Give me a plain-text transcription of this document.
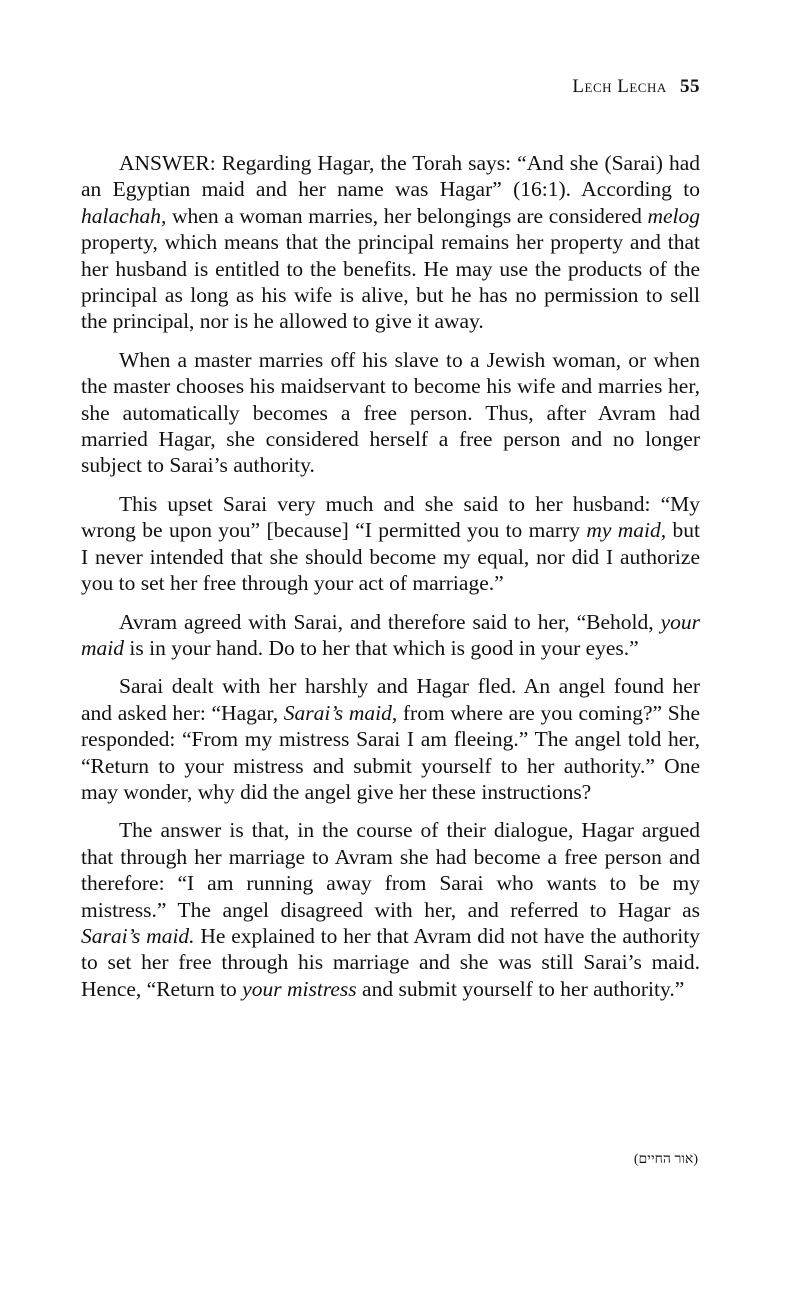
Lech Lecha 55

ANSWER: Regarding Hagar, the Torah says: “And she (Sarai) had an Egyptian maid and her name was Hagar” (16:1). According to halachah, when a woman marries, her belongings are considered melog property, which means that the principal remains her property and that her husband is entitled to the benefits. He may use the products of the principal as long as his wife is alive, but he has no permission to sell the principal, nor is he allowed to give it away.

When a master marries off his slave to a Jewish woman, or when the master chooses his maidservant to become his wife and marries her, she automatically becomes a free person. Thus, after Avram had married Hagar, she considered herself a free person and no longer subject to Sarai’s authority.

This upset Sarai very much and she said to her husband: “My wrong be upon you” [because] “I permitted you to marry my maid, but I never intended that she should become my equal, nor did I authorize you to set her free through your act of marriage.”

Avram agreed with Sarai, and therefore said to her, “Behold, your maid is in your hand. Do to her that which is good in your eyes.”

Sarai dealt with her harshly and Hagar fled. An angel found her and asked her: “Hagar, Sarai’s maid, from where are you coming?” She responded: “From my mistress Sarai I am fleeing.” The angel told her, “Return to your mistress and submit yourself to her authority.” One may wonder, why did the angel give her these instructions?

The answer is that, in the course of their dialogue, Hagar argued that through her marriage to Avram she had become a free person and therefore: “I am running away from Sarai who wants to be my mistress.” The angel disagreed with her, and referred to Hagar as Sarai’s maid. He explained to her that Avram did not have the authority to set her free through his marriage and she was still Sarai’s maid. Hence, “Return to your mistress and submit yourself to her authority.”

(אור החיים)
